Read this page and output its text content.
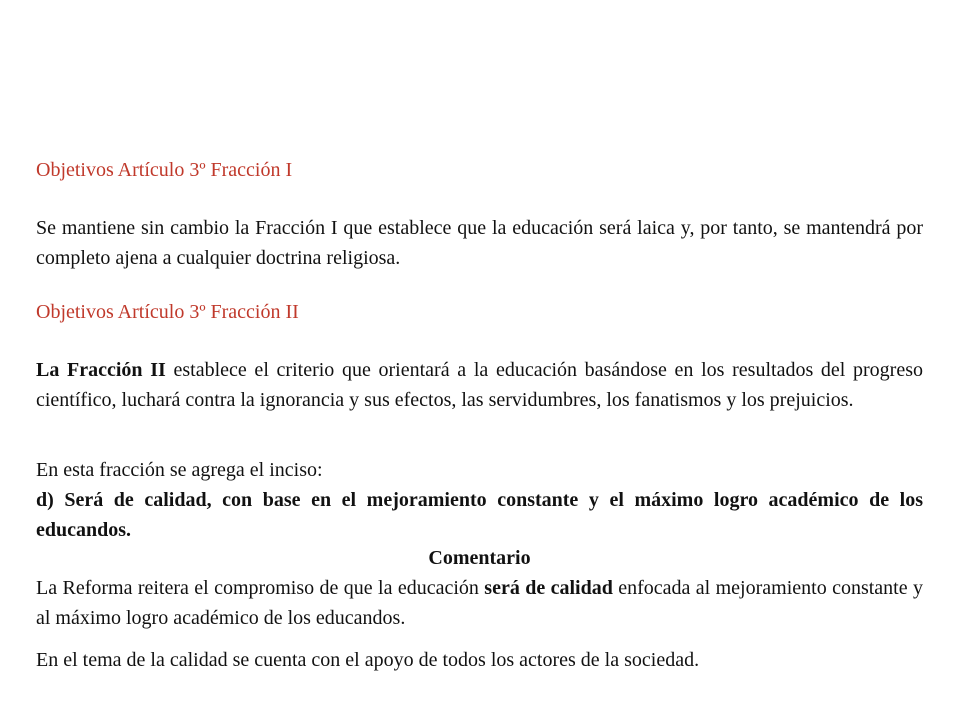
Objetivos Artículo 3º Fracción I

Se mantiene sin cambio la Fracción I que establece que la educación será laica y, por tanto, se mantendrá por completo ajena a cualquier doctrina religiosa.

Objetivos Artículo 3º Fracción II

La Fracción II establece el criterio que orientará a la educación basándose en los resultados del progreso científico, luchará contra la ignorancia y sus efectos, las servidumbres, los fanatismos y los prejuicios.

En esta fracción se agrega el inciso:

d) Será de calidad, con base en el mejoramiento constante y el máximo logro académico de los educandos.

Comentario

La Reforma reitera el compromiso de que la educación será de calidad enfocada al mejoramiento constante y al máximo logro académico de los educandos.

En el tema de la calidad se cuenta con el apoyo de todos los actores de la sociedad.
